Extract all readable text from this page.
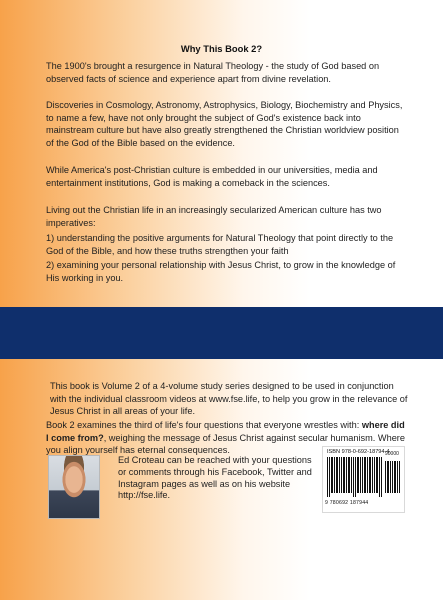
Why This Book 2?

The 1900's brought a resurgence in Natural Theology - the study of God based on observed facts of science and experience apart from divine revelation.

Discoveries in Cosmology, Astronomy, Astrophysics, Biology, Biochemistry and Physics, to name a few, have not only brought the subject of God's existence back into mainstream culture but have also greatly strengthened the Christian worldview position of the God of the Bible based on the evidence.

While America's post-Christian culture is embedded in our universities, media and entertainment institutions, God is making a comeback in the sciences.

Living out the Christian life in an increasingly secularized American culture has two imperatives:

1) understanding the positive arguments for Natural Theology that point directly to the God of the Bible, and how these truths strengthen your faith

2) examining your personal relationship with Jesus Christ, to grow in the knowledge of His working in you.

This book is Volume 2 of a 4-volume study series designed to be used in conjunction with the individual classroom videos at www.fse.life, to help you grow in the relevance of Jesus Christ in all areas of your life.

Book 2 examines the third of life's four questions that everyone wrestles with: where did I come from?, weighing the message of Jesus Christ against secular humanism. Where you align yourself has eternal consequences.

Ed Croteau can be reached with your questions or comments through his Facebook, Twitter and Instagram pages as well as on his website http://fse.life.

ISBN 978-0-692-18794-4
90000
9 780692 187944
